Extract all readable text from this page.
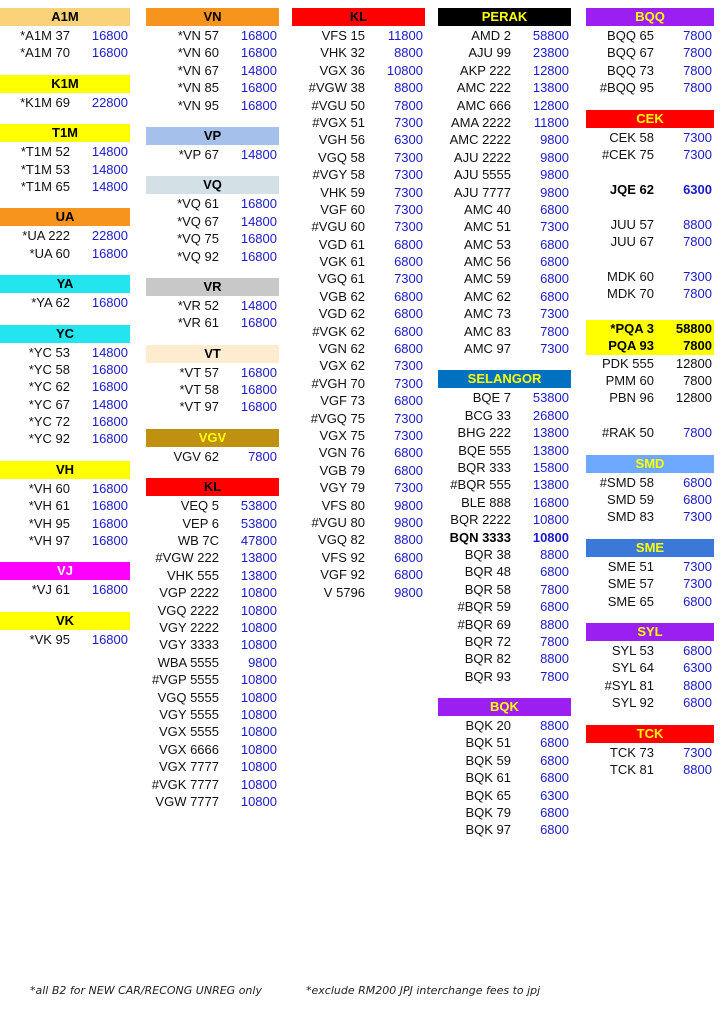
A1M
*A1M 37 16800
*A1M 70 16800
K1M
*K1M 69 22800
T1M
*T1M 52 14800
*T1M 53 14800
*T1M 65 14800
UA
*UA 222 22800
*UA 60 16800
YA
*YA 62 16800
YC
*YC 53 14800
*YC 58 16800
*YC 62 16800
*YC 67 14800
*YC 72 16800
*YC 92 16800
VH
*VH 60 16800
*VH 61 16800
*VH 95 16800
*VH 97 16800
VJ
*VJ 61 16800
VK
*VK 95 16800
VN
*VN 57 16800
*VN 60 16800
*VN 67 14800
*VN 85 16800
*VN 95 16800
VP
*VP 67 14800
VQ
*VQ 61 16800
*VQ 67 14800
*VQ 75 16800
*VQ 92 16800
VR
*VR 52 14800
*VR 61 16800
VT
*VT 57 16800
*VT 58 16800
*VT 97 16800
VGV
VGV 62 7800
KL
VEQ 5 53800
VEP 6 53800
WB 7C 47800
#VGW 222 13800
VHK 555 13800
VGP 2222 10800
VGQ 2222 10800
VGY 2222 10800
VGY 3333 10800
WBA 5555 9800
#VGP 5555 10800
VGQ 5555 10800
VGY 5555 10800
VGX 5555 10800
VGX 6666 10800
VGX 7777 10800
#VGK 7777 10800
VGW 7777 10800
KL
VFS 15 11800
VHK 32 8800
VGX 36 10800
#VGW 38 8800
#VGU 50 7800
#VGX 51 7300
VGH 56 6300
VGQ 58 7300
#VGY 58 7300
VHK 59 7300
VGF 60 7300
#VGU 60 7300
VGD 61 6800
VGK 61 6800
VGQ 61 7300
VGB 62 6800
VGD 62 6800
#VGK 62 6800
VGN 62 6800
VGX 62 7300
#VGH 70 7300
VGF 73 6800
#VGQ 75 7300
VGX 75 7300
VGN 76 6800
VGB 79 6800
VGY 79 7300
VFS 80 9800
#VGU 80 9800
VGQ 82 8800
VFS 92 6800
VGF 92 6800
V 5796 9800
PERAK
AMD 2 58800
AJU 99 23800
AKP 222 12800
AMC 222 13800
AMC 666 12800
AMA 2222 11800
AMC 2222 9800
AJU 2222 9800
AJU 5555 9800
AJU 7777 9800
AMC 40 6800
AMC 51 7300
AMC 53 6800
AMC 56 6800
AMC 59 6800
AMC 62 6800
AMC 73 7300
AMC 83 7800
AMC 97 7300
SELANGOR
BQE 7 53800
BCG 33 26800
BHG 222 13800
BQE 555 13800
BQR 333 15800
#BQR 555 13800
BLE 888 16800
BQR 2222 10800
BQN 3333 10800
BQR 38 8800
BQR 48 6800
BQR 58 7800
#BQR 59 6800
#BQR 69 8800
BQR 72 7800
BQR 82 8800
BQR 93 7800
BQK
BQK 20 8800
BQK 51 6800
BQK 59 6800
BQK 61 6800
BQK 65 6300
BQK 79 6800
BQK 97 6800
BQQ
BQQ 65 7800
BQQ 67 7800
BQQ 73 7800
#BQQ 95 7800
CEK
CEK 58 7300
#CEK 75 7300
JQE 62 6300
JUU 57 8800
JUU 67 7800
MDK 60 7300
MDK 70 7800
*PQA 3 58800
PQA 93 7800
PDK 555 12800
PMM 60 7800
PBN 96 12800
#RAK 50 7800
SMD
#SMD 58 6800
SMD 59 6800
SMD 83 7300
SME
SME 51 7300
SME 57 7300
SME 65 6800
SYL
SYL 53 6800
SYL 64 6300
#SYL 81 8800
SYL 92 6800
TCK
TCK 73 7300
TCK 81 8800
*all B2 for NEW CAR/RECONG UNREG only	*exclude RM200 JPJ interchange fees to jpj
